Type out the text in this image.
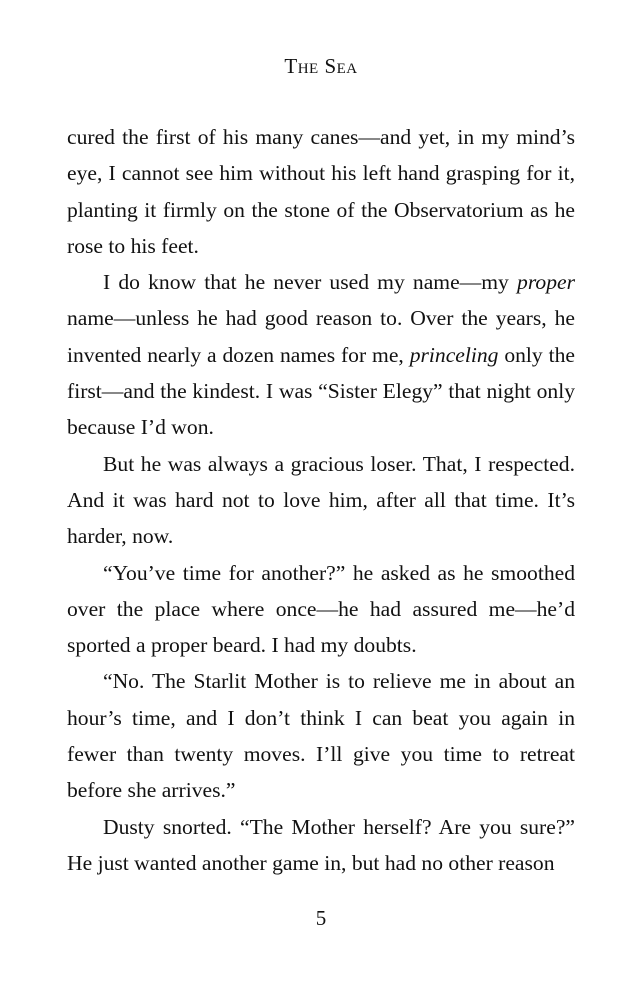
The Sea

cured the first of his many canes—and yet, in my mind’s eye, I cannot see him without his left hand grasping for it, planting it firmly on the stone of the Observatorium as he rose to his feet.

I do know that he never used my name—my proper name—unless he had good reason to. Over the years, he invented nearly a dozen names for me, princeling only the first—and the kindest. I was “Sister Elegy” that night only because I’d won.

But he was always a gracious loser. That, I respected. And it was hard not to love him, after all that time. It’s harder, now.

“You’ve time for another?” he asked as he smoothed over the place where once—he had assured me—he’d sported a proper beard. I had my doubts.

“No. The Starlit Mother is to relieve me in about an hour’s time, and I don’t think I can beat you again in fewer than twenty moves. I’ll give you time to retreat before she arrives.”

Dusty snorted. “The Mother herself? Are you sure?” He just wanted another game in, but had no other reason

5
